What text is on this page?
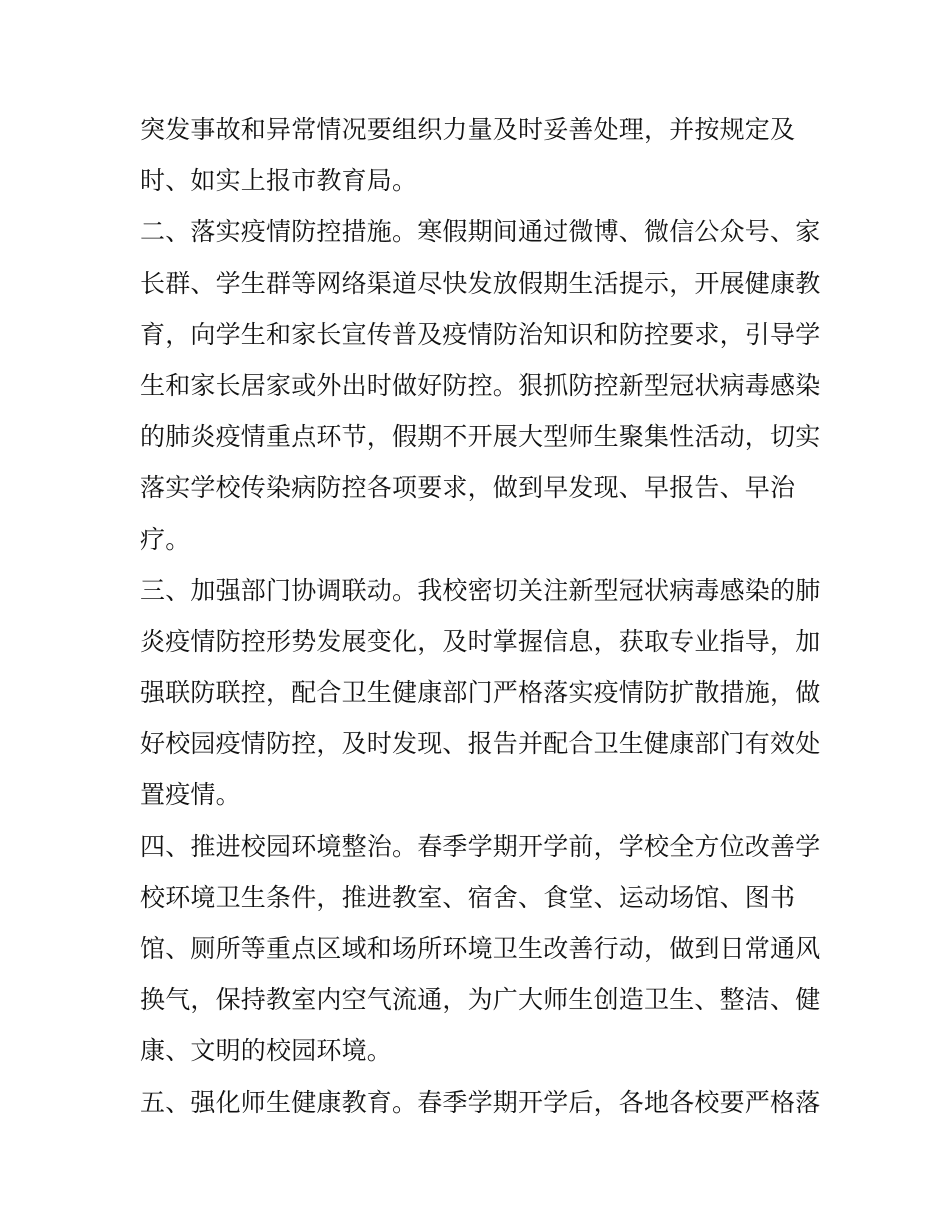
突发事故和异常情况要组织力量及时妥善处理，并按规定及
时、如实上报市教育局。
二、落实疫情防控措施。寒假期间通过微博、微信公众号、家
长群、学生群等网络渠道尽快发放假期生活提示，开展健康教
育，向学生和家长宣传普及疫情防治知识和防控要求，引导学
生和家长居家或外出时做好防控。狠抓防控新型冠状病毒感染
的肺炎疫情重点环节，假期不开展大型师生聚集性活动，切实
落实学校传染病防控各项要求，做到早发现、早报告、早治
疗。
三、加强部门协调联动。我校密切关注新型冠状病毒感染的肺
炎疫情防控形势发展变化，及时掌握信息，获取专业指导，加
强联防联控，配合卫生健康部门严格落实疫情防扩散措施，做
好校园疫情防控，及时发现、报告并配合卫生健康部门有效处
置疫情。
四、推进校园环境整治。春季学期开学前，学校全方位改善学
校环境卫生条件，推进教室、宿舍、食堂、运动场馆、图书
馆、厕所等重点区域和场所环境卫生改善行动，做到日常通风
换气，保持教室内空气流通，为广大师生创造卫生、整洁、健
康、文明的校园环境。
五、强化师生健康教育。春季学期开学后，各地各校要严格落
